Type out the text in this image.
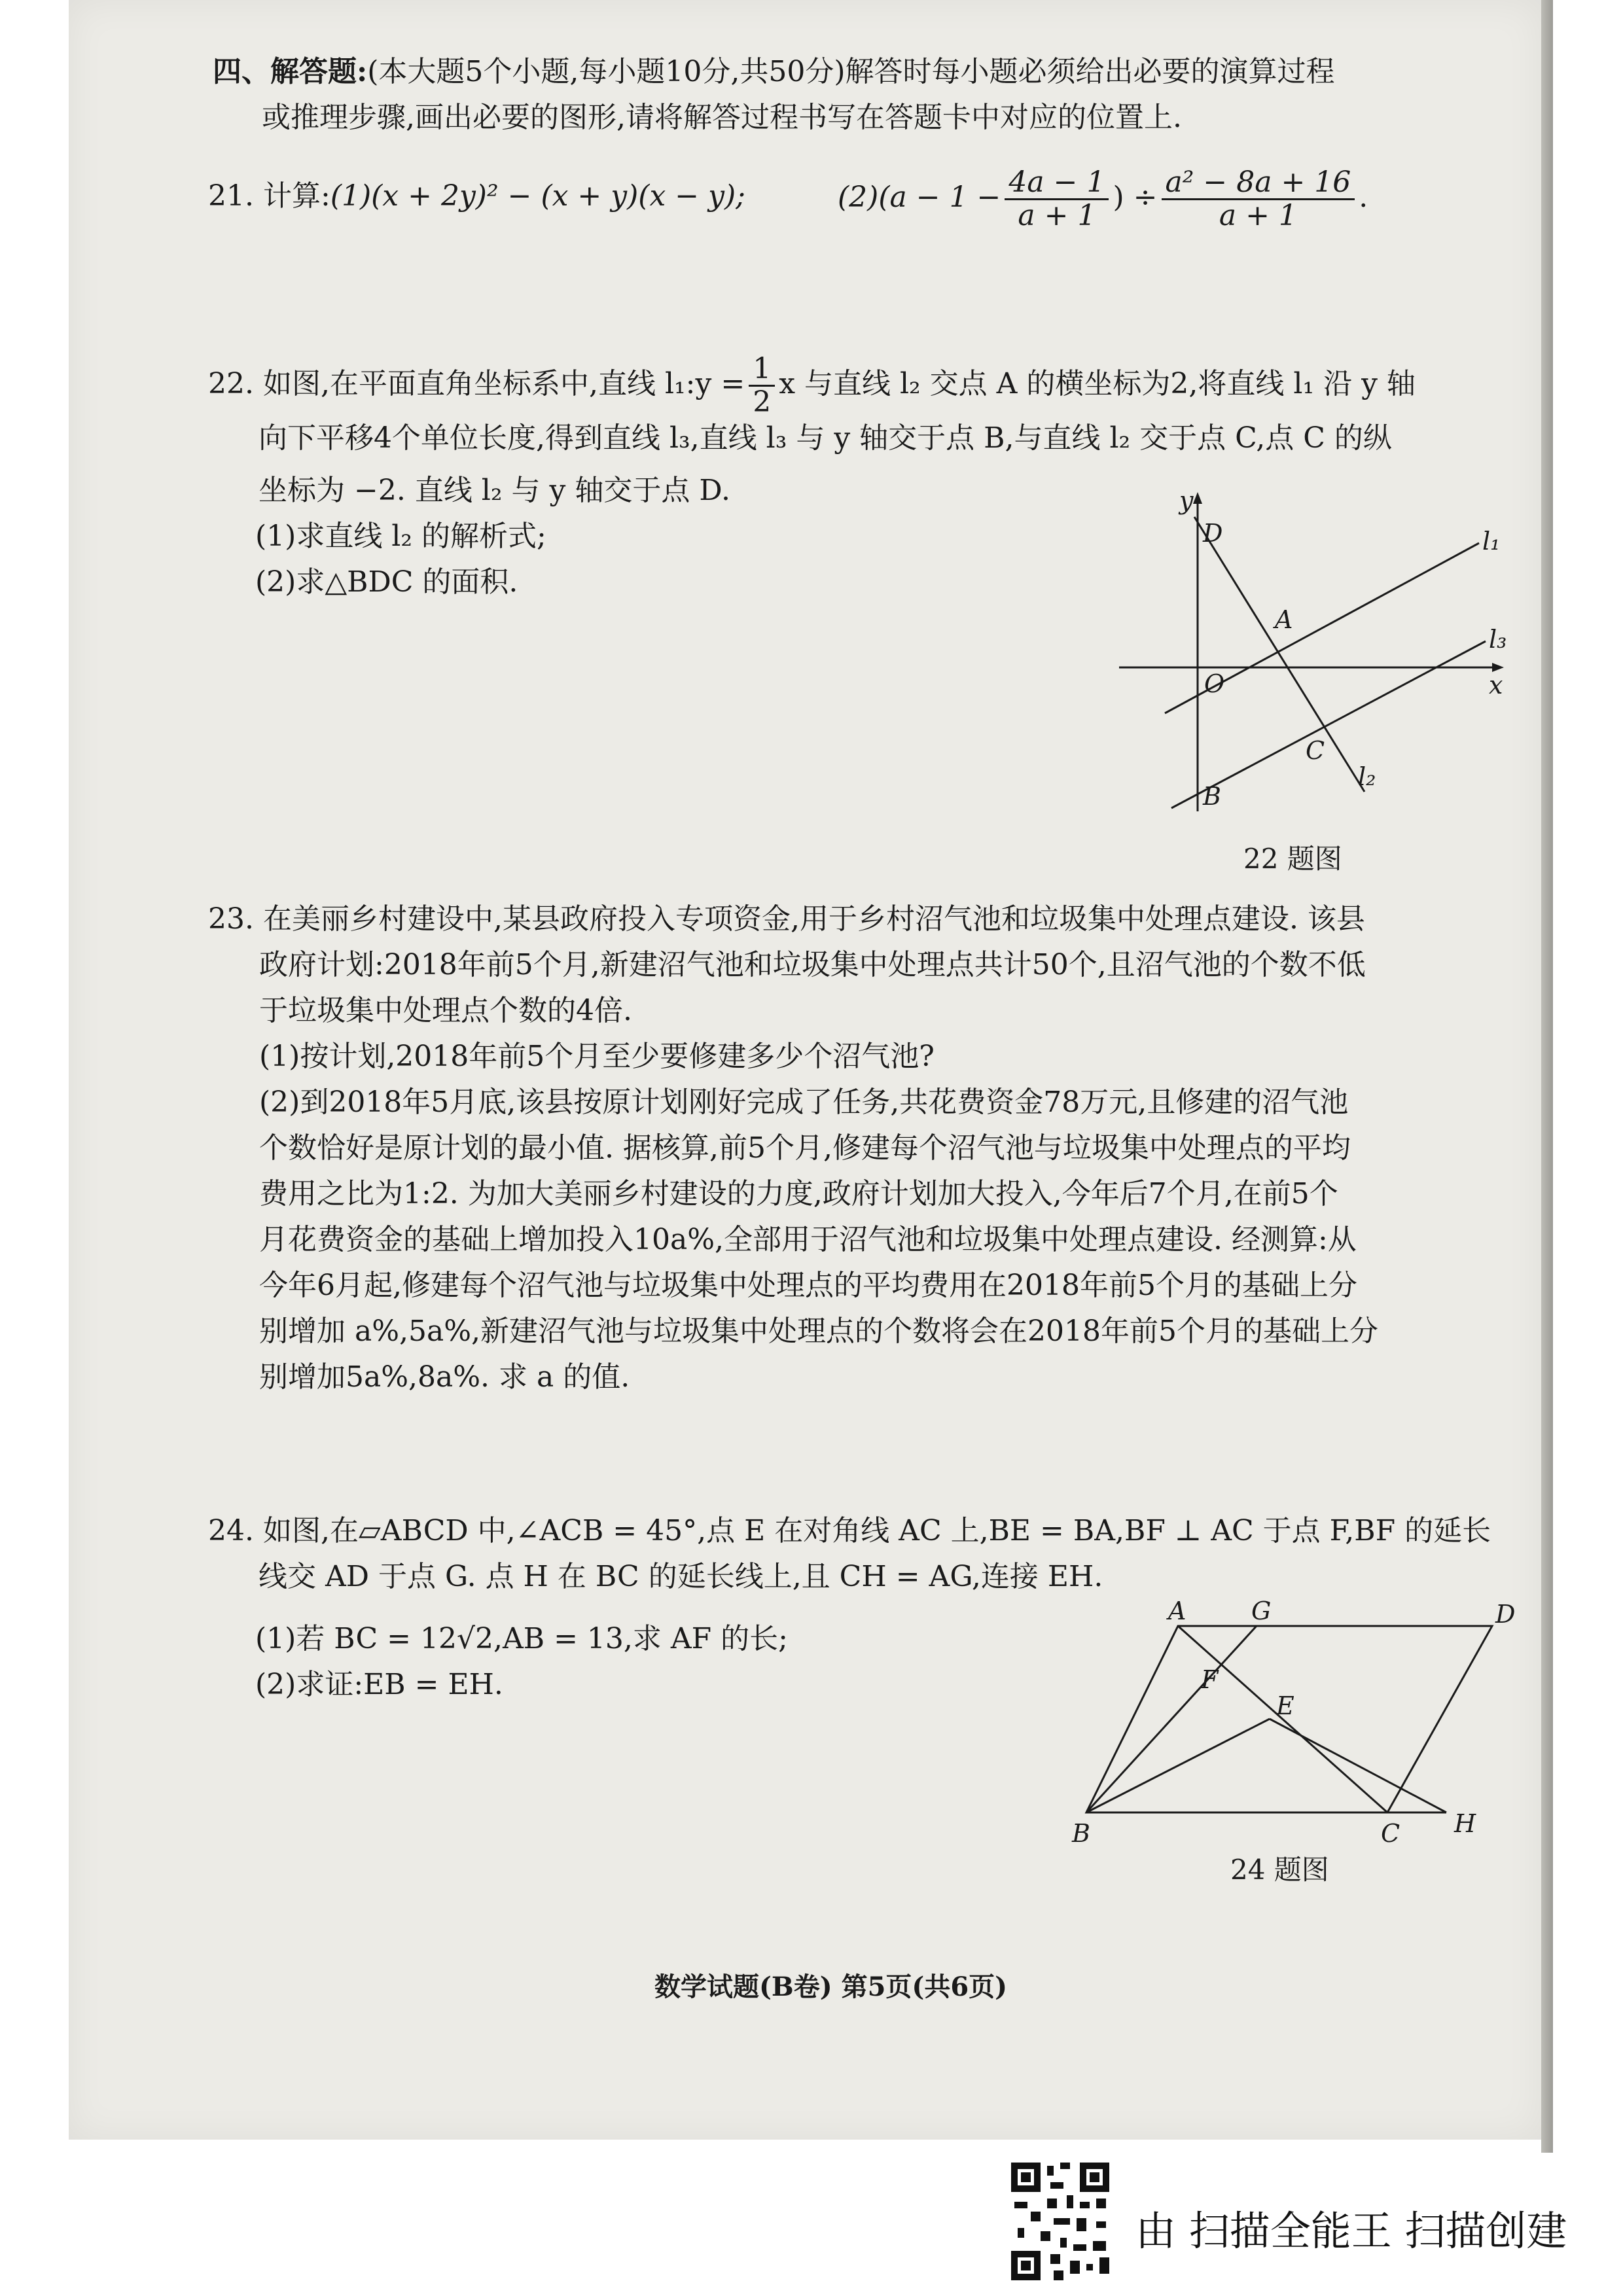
四、解答题:(本大题5个小题,每小题10分,共50分)解答时每小题必须给出必要的演算过程
或推理步骤,画出必要的图形,请将解答过程书写在答题卡中对应的位置上.
21. 计算:(1)(x + 2y)² − (x + y)(x − y);	$(2)(a - 1 - \frac{4a - 1}{a + 1}$ ) ÷ $\frac{\text{a² − 8a + 16}}{a + 1}$ .
22. 如图,在平面直角坐标系中,直线 l₁:y = $\frac{1}{2}$ x 与直线 l₂ 交点 A 的横坐标为2,将直线 l₁ 沿 y 轴
向下平移4个单位长度,得到直线 l₃,直线 l₃ 与 y 轴交于点 B,与直线 l₂ 交于点 C,点 C 的纵
坐标为 −2. 直线 l₂ 与 y 轴交于点 D.
(1)求直线 l₂ 的解析式;
(2)求△BDC 的面积.
y
D
A
O	x
l₁
l₃
C
l₂
B
22 题图
23. 在美丽乡村建设中,某县政府投入专项资金,用于乡村沼气池和垃圾集中处理点建设. 该县
政府计划:2018年前5个月,新建沼气池和垃圾集中处理点共计50个,且沼气池的个数不低
于垃圾集中处理点个数的4倍.
(1)按计划,2018年前5个月至少要修建多少个沼气池?
(2)到2018年5月底,该县按原计划刚好完成了任务,共花费资金78万元,且修建的沼气池
个数恰好是原计划的最小值. 据核算,前5个月,修建每个沼气池与垃圾集中处理点的平均
费用之比为1:2. 为加大美丽乡村建设的力度,政府计划加大投入,今年后7个月,在前5个
月花费资金的基础上增加投入10a%,全部用于沼气池和垃圾集中处理点建设. 经测算:从
今年6月起,修建每个沼气池与垃圾集中处理点的平均费用在2018年前5个月的基础上分
别增加 a%,5a%,新建沼气池与垃圾集中处理点的个数将会在2018年前5个月的基础上分
别增加5a%,8a%. 求 a 的值.
24. 如图,在▱ABCD 中,∠ACB = 45°,点 E 在对角线 AC 上,BE = BA,BF ⊥ AC 于点 F,BF 的延长
线交 AD 于点 G. 点 H 在 BC 的延长线上,且 CH = AG,连接 EH.
(1)若 BC = 12√2,AB = 13,求 AF 的长;
(2)求证:EB = EH.
A	G	D
F
E
B	C H
24 题图
数学试题(B卷) 第5页(共6页)
由 扫描全能王 扫描创建
